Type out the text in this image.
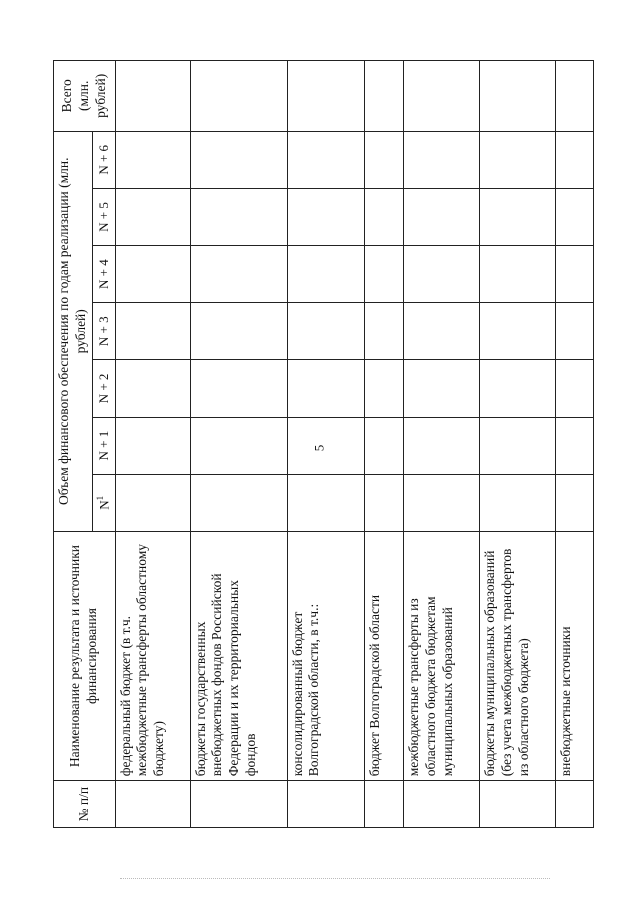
5
№ п/п	Наименование результата и источники финансирования	Объем финансового обеспечения по годам реализации (млн. рублей)							Всего (млн. рублей)
		$N^1$	N + 1	N + 2	N + 3	N + 4	N + 5	N + 6	
	федеральный бюджет (в т.ч. межбюджетные трансферты областному бюджету)								
	бюджеты государственных внебюджетных фондов Российской Федерации и их территориальных фондов								
	консолидированный бюджет Волгоградской области, в т.ч.:								
	бюджет Волгоградской области								
	межбюджетные трансферты из областного бюджета бюджетам муниципальных образований								
	бюджеты муниципальных образований (без учета межбюджетных трансфертов из областного бюджета)								
	внебюджетные источники								
